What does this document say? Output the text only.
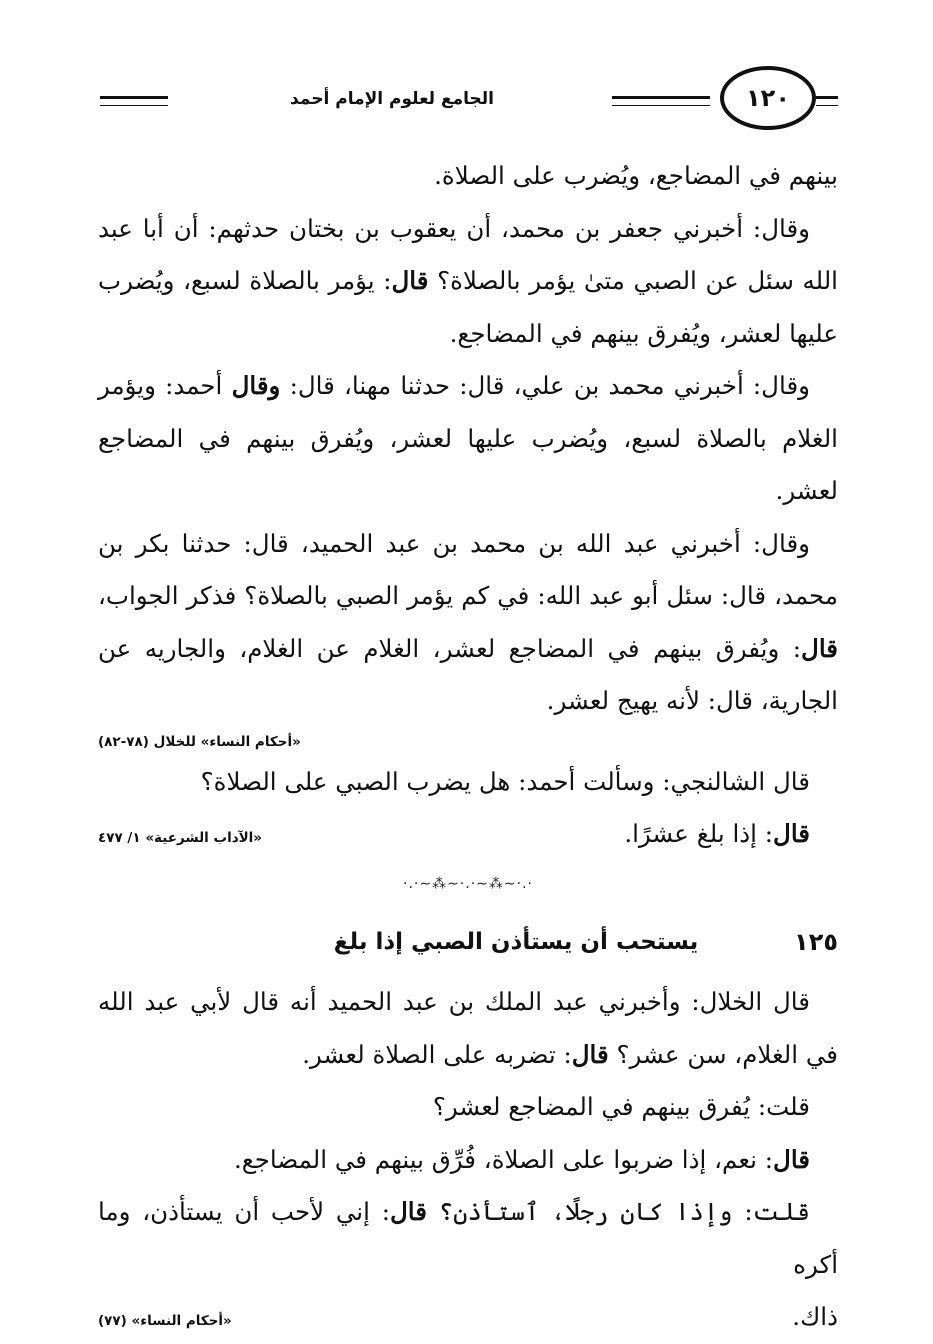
١٢٠
الجامع لعلوم الإمام أحمد

بينهم في المضاجع، ويُضرب على الصلاة.

وقال: أخبرني جعفر بن محمد، أن يعقوب بن بختان حدثهم: أن أبا عبد الله سئل عن الصبي متىٰ يؤمر بالصلاة؟ قال: يؤمر بالصلاة لسبع، ويُضرب عليها لعشر، ويُفرق بينهم في المضاجع.

وقال: أخبرني محمد بن علي، قال: حدثنا مهنا، قال: وقال أحمد: ويؤمر الغلام بالصلاة لسبع، ويُضرب عليها لعشر، ويُفرق بينهم في المضاجع لعشر.

وقال: أخبرني عبد الله بن محمد بن عبد الحميد، قال: حدثنا بكر بن محمد، قال: سئل أبو عبد الله: في كم يؤمر الصبي بالصلاة؟ فذكر الجواب، قال: ويُفرق بينهم في المضاجع لعشر، الغلام عن الغلام، والجاريه عن الجارية، قال: لأنه يهيج لعشر.

«أحكام النساء» للخلال (٧٨-٨٢)

قال الشالنجي: وسألت أحمد: هل يضرب الصبي على الصلاة؟

قال: إذا بلغ عشرًا.
«الآداب الشرعية» ١/ ٤٧٧
·.·∽⁂∽·.·∽⁂∽·.·
١٢٥
يستحب أن يستأذن الصبي إذا بلغ

قال الخلال: وأخبرني عبد الملك بن عبد الحميد أنه قال لأبي عبد الله في الغلام، سن عشر؟ قال: تضربه على الصلاة لعشر.

قلت: يُفرق بينهم في المضاجع لعشر؟

قال: نعم، إذا ضربوا على الصلاة، فُرِّق بينهم في المضاجع.

قلت: وإذا كان رجلًا، ٱستأذن؟ قال: إني لأحب أن يستأذن، وما أكره

ذاك.
«أحكام النساء» (٧٧)
